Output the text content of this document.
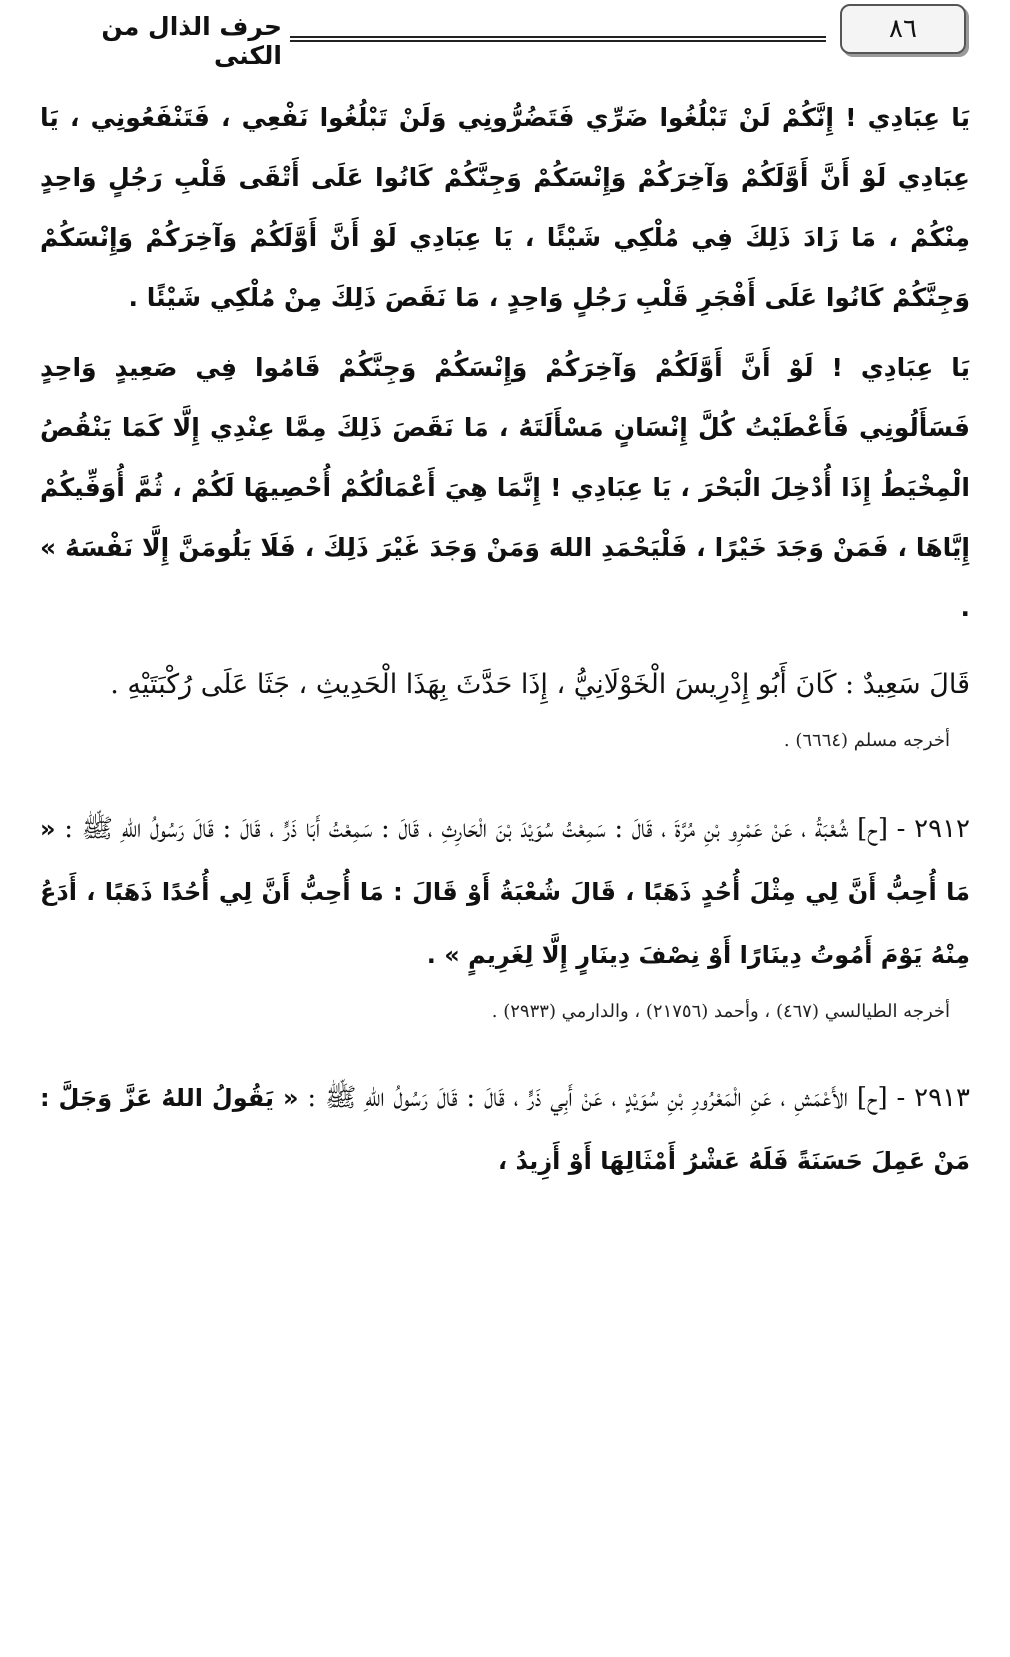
٨٦
حرف الذال من الكنى

يَا عِبَادِي ! إِنَّكُمْ لَنْ تَبْلُغُوا ضَرِّي فَتَضُرُّونِي وَلَنْ تَبْلُغُوا نَفْعِي ، فَتَنْفَعُونِي ، يَا عِبَادِي لَوْ أَنَّ أَوَّلَكُمْ وَآخِرَكُمْ وَإِنْسَكُمْ وَجِنَّكُمْ كَانُوا عَلَى أَتْقَى قَلْبِ رَجُلٍ وَاحِدٍ مِنْكُمْ ، مَا زَادَ ذَلِكَ فِي مُلْكِي شَيْئًا ، يَا عِبَادِي لَوْ أَنَّ أَوَّلَكُمْ وَآخِرَكُمْ وَإِنْسَكُمْ وَجِنَّكُمْ كَانُوا عَلَى أَفْجَرِ قَلْبِ رَجُلٍ وَاحِدٍ ، مَا نَقَصَ ذَلِكَ مِنْ مُلْكِي شَيْئًا .

يَا عِبَادِي ! لَوْ أَنَّ أَوَّلَكُمْ وَآخِرَكُمْ وَإِنْسَكُمْ وَجِنَّكُمْ قَامُوا فِي صَعِيدٍ وَاحِدٍ فَسَأَلُونِي فَأَعْطَيْتُ كُلَّ إِنْسَانٍ مَسْأَلَتَهُ ، مَا نَقَصَ ذَلِكَ مِمَّا عِنْدِي إِلَّا كَمَا يَنْقُصُ الْمِخْيَطُ إِذَا أُدْخِلَ الْبَحْرَ ، يَا عِبَادِي ! إِنَّمَا هِيَ أَعْمَالُكُمْ أُحْصِيهَا لَكُمْ ، ثُمَّ أُوَفِّيكُمْ إِيَّاهَا ، فَمَنْ وَجَدَ خَيْرًا ، فَلْيَحْمَدِ اللهَ وَمَنْ وَجَدَ غَيْرَ ذَلِكَ ، فَلَا يَلُومَنَّ إِلَّا نَفْسَهُ » .

قَالَ سَعِيدٌ : كَانَ أَبُو إِدْرِيسَ الْخَوْلَانِيُّ ، إِذَا حَدَّثَ بِهَذَا الْحَدِيثِ ، جَثَا عَلَى رُكْبَتَيْهِ .

أخرجه مسلم (٦٦٦٤) .

٢٩١٢ - [ح] شُعْبَةُ ، عَنْ عَمْرِو بْنِ مُرَّةَ ، قَالَ : سَمِعْتُ سُوَيْدَ بْنَ الْحَارِثِ ، قَالَ : سَمِعْتُ أَبَا ذَرٍّ ، قَالَ : قَالَ رَسُولُ اللهِ ﷺ : « مَا أُحِبُّ أَنَّ لِي مِثْلَ أُحُدٍ ذَهَبًا ، قَالَ شُعْبَةُ أَوْ قَالَ : مَا أُحِبُّ أَنَّ لِي أُحُدًا ذَهَبًا ، أَدَعُ مِنْهُ يَوْمَ أَمُوتُ دِينَارًا أَوْ نِصْفَ دِينَارٍ إِلَّا لِغَرِيمٍ » .

أخرجه الطيالسي (٤٦٧) ، وأحمد (٢١٧٥٦) ، والدارمي (٢٩٣٣) .

٢٩١٣ - [ح] الأَعْمَشِ ، عَنِ الْمَعْرُورِ بْنِ سُوَيْدٍ ، عَنْ أَبِي ذَرٍّ ، قَالَ : قَالَ رَسُولُ اللهِ ﷺ : « يَقُولُ اللهُ عَزَّ وَجَلَّ : مَنْ عَمِلَ حَسَنَةً فَلَهُ عَشْرُ أَمْثَالِهَا أَوْ أَزِيدُ ،
